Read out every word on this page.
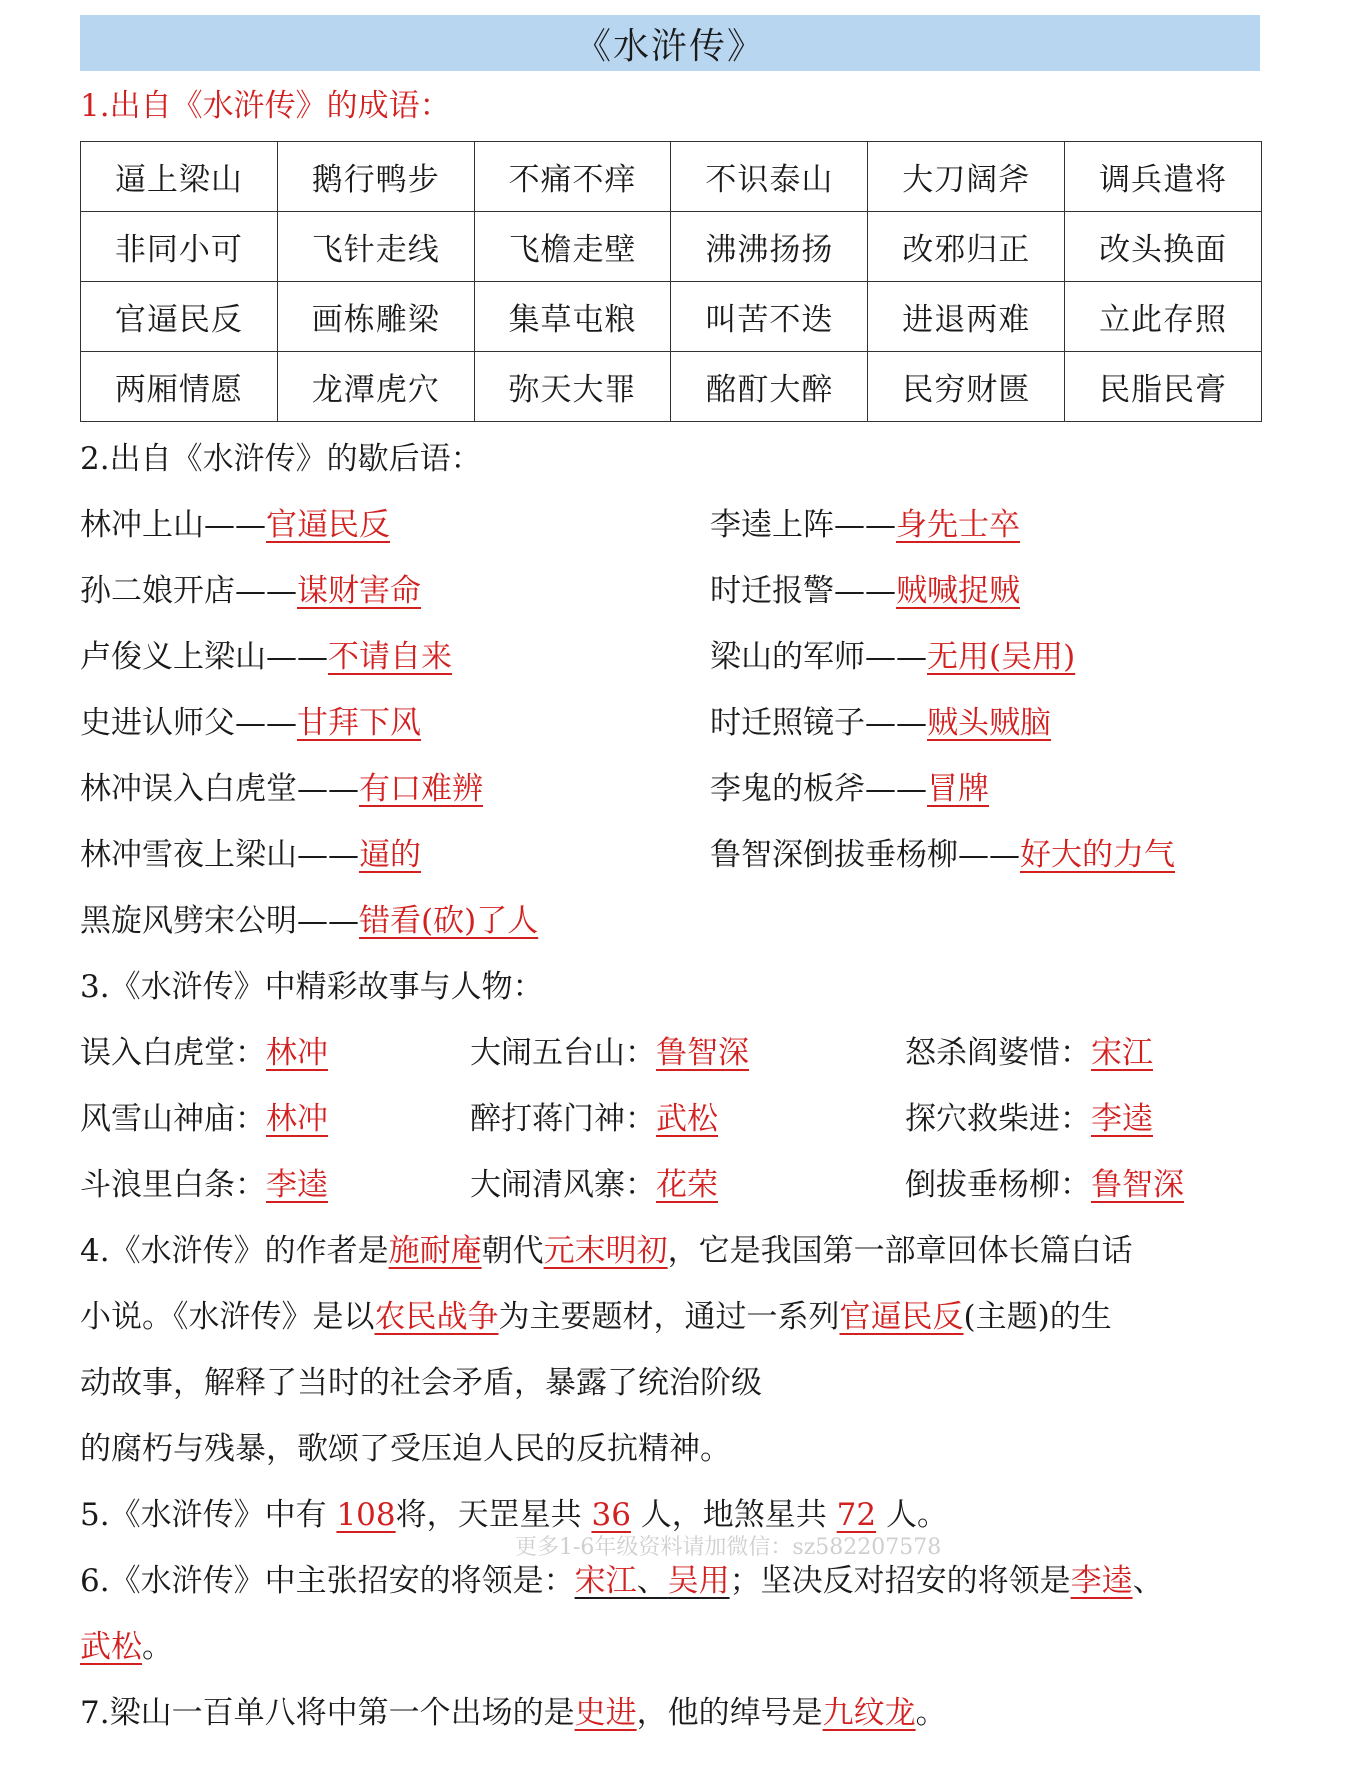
《水浒传》
1.出自《水浒传》的成语：
逼上梁山	鹅行鸭步	不痛不痒	不识泰山	大刀阔斧	调兵遣将
非同小可	飞针走线	飞檐走壁	沸沸扬扬	改邪归正	改头换面
官逼民反	画栋雕梁	集草屯粮	叫苦不迭	进退两难	立此存照
两厢情愿	龙潭虎穴	弥天大罪	酩酊大醉	民穷财匮	民脂民膏
2.出自《水浒传》的歇后语：
林冲上山——官逼民反	李逵上阵——身先士卒
孙二娘开店——谋财害命	时迁报警——贼喊捉贼
卢俊义上梁山——不请自来	梁山的军师——无用(吴用)
史进认师父——甘拜下风	时迁照镜子——贼头贼脑
林冲误入白虎堂——有口难辨	李鬼的板斧——冒牌
林冲雪夜上梁山——逼的	鲁智深倒拔垂杨柳——好大的力气
黑旋风劈宋公明——错看(砍)了人
3.《水浒传》中精彩故事与人物：
误入白虎堂：林冲	大闹五台山：鲁智深	怒杀阎婆惜：宋江
风雪山神庙：林冲	醉打蒋门神：武松	探穴救柴进：李逵
斗浪里白条：李逵	大闹清风寨：花荣	倒拔垂杨柳：鲁智深
4.《水浒传》的作者是施耐庵朝代元末明初，它是我国第一部章回体长篇白话
小说。《水浒传》是以农民战争为主要题材，通过一系列官逼民反(主题)的生
动故事，解释了当时的社会矛盾，暴露了统治阶级
的腐朽与残暴，歌颂了受压迫人民的反抗精神。
5.《水浒传》中有 108将，天罡星共 36 人，地煞星共 72 人。
6.《水浒传》中主张招安的将领是：宋江、吴用；坚决反对招安的将领是李逵、
武松。
7.梁山一百单八将中第一个出场的是史进，他的绰号是九纹龙。
更多1-6年级资料请加微信：sz582207578
